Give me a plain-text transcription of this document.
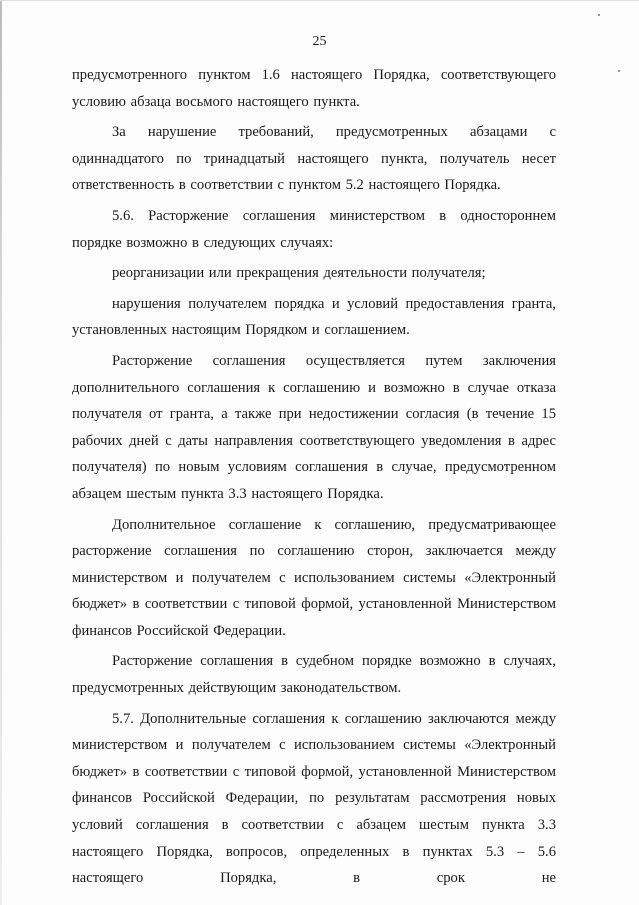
25

предусмотренного пунктом 1.6 настоящего Порядка, соответствующего условию абзаца восьмого настоящего пункта.

За нарушение требований, предусмотренных абзацами с одиннадцатого по тринадцатый настоящего пункта, получатель несет ответственность в соответствии с пунктом 5.2 настоящего Порядка.

5.6. Расторжение соглашения министерством в одностороннем порядке возможно в следующих случаях:

реорганизации или прекращения деятельности получателя;

нарушения получателем порядка и условий предоставления гранта, установленных настоящим Порядком и соглашением.

Расторжение соглашения осуществляется путем заключения дополнительного соглашения к соглашению и возможно в случае отказа получателя от гранта, а также при недостижении согласия (в течение 15 рабочих дней с даты направления соответствующего уведомления в адрес получателя) по новым условиям соглашения в случае, предусмотренном абзацем шестым пункта 3.3 настоящего Порядка.

Дополнительное соглашение к соглашению, предусматривающее расторжение соглашения по соглашению сторон, заключается между министерством и получателем с использованием системы «Электронный бюджет» в соответствии с типовой формой, установленной Министерством финансов Российской Федерации.

Расторжение соглашения в судебном порядке возможно в случаях, предусмотренных действующим законодательством.

5.7. Дополнительные соглашения к соглашению заключаются между министерством и получателем с использованием системы «Электронный бюджет» в соответствии с типовой формой, установленной Министерством финансов Российской Федерации, по результатам рассмотрения новых условий соглашения в соответствии с абзацем шестым пункта 3.3 настоящего Порядка, вопросов, определенных в пунктах 5.3 – 5.6 настоящего Порядка, в срок не
